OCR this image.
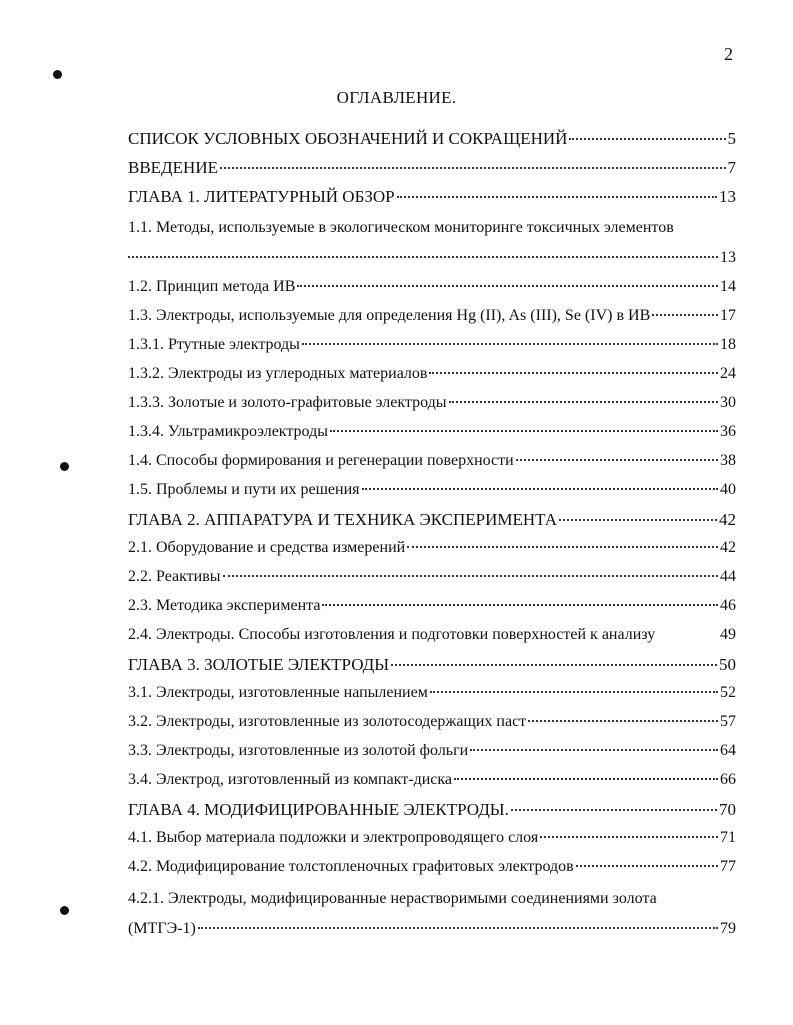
2
ОГЛАВЛЕНИЕ.
СПИСОК УСЛОВНЫХ ОБОЗНАЧЕНИЙ И СОКРАЩЕНИЙ	5
ВВЕДЕНИЕ	7
ГЛАВА 1. ЛИТЕРАТУРНЫЙ ОБЗОР	13
1.1. Методы, используемые в экологическом мониторинге токсичных элементов
13
1.2. Принцип метода ИВ	14
1.3. Электроды, используемые для определения Hg (II), As (III), Se (IV) в ИВ	17
1.3.1. Ртутные электроды	18
1.3.2. Электроды из углеродных материалов	24
1.3.3. Золотые и золото-графитовые электроды	30
1.3.4. Ультрамикроэлектроды	36
1.4. Способы формирования и регенерации поверхности	38
1.5. Проблемы и пути их решения	40
ГЛАВА 2. АППАРАТУРА И ТЕХНИКА ЭКСПЕРИМЕНТА	42
2.1. Оборудование и средства измерений	42
2.2. Реактивы	44
2.3. Методика эксперимента	46
2.4. Электроды. Способы изготовления и подготовки поверхностей к анализу	49
ГЛАВА 3. ЗОЛОТЫЕ ЭЛЕКТРОДЫ	50
3.1. Электроды, изготовленные напылением	52
3.2. Электроды, изготовленные из золотосодержащих паст	57
3.3. Электроды, изготовленные из золотой фольги	64
3.4. Электрод, изготовленный из компакт-диска	66
ГЛАВА 4. МОДИФИЦИРОВАННЫЕ ЭЛЕКТРОДЫ.	70
4.1. Выбор материала подложки и электропроводящего слоя	71
4.2. Модифицирование толстопленочных графитовых электродов	77
4.2.1. Электроды, модифицированные нерастворимыми соединениями золота
(МТГЭ-1)	79
